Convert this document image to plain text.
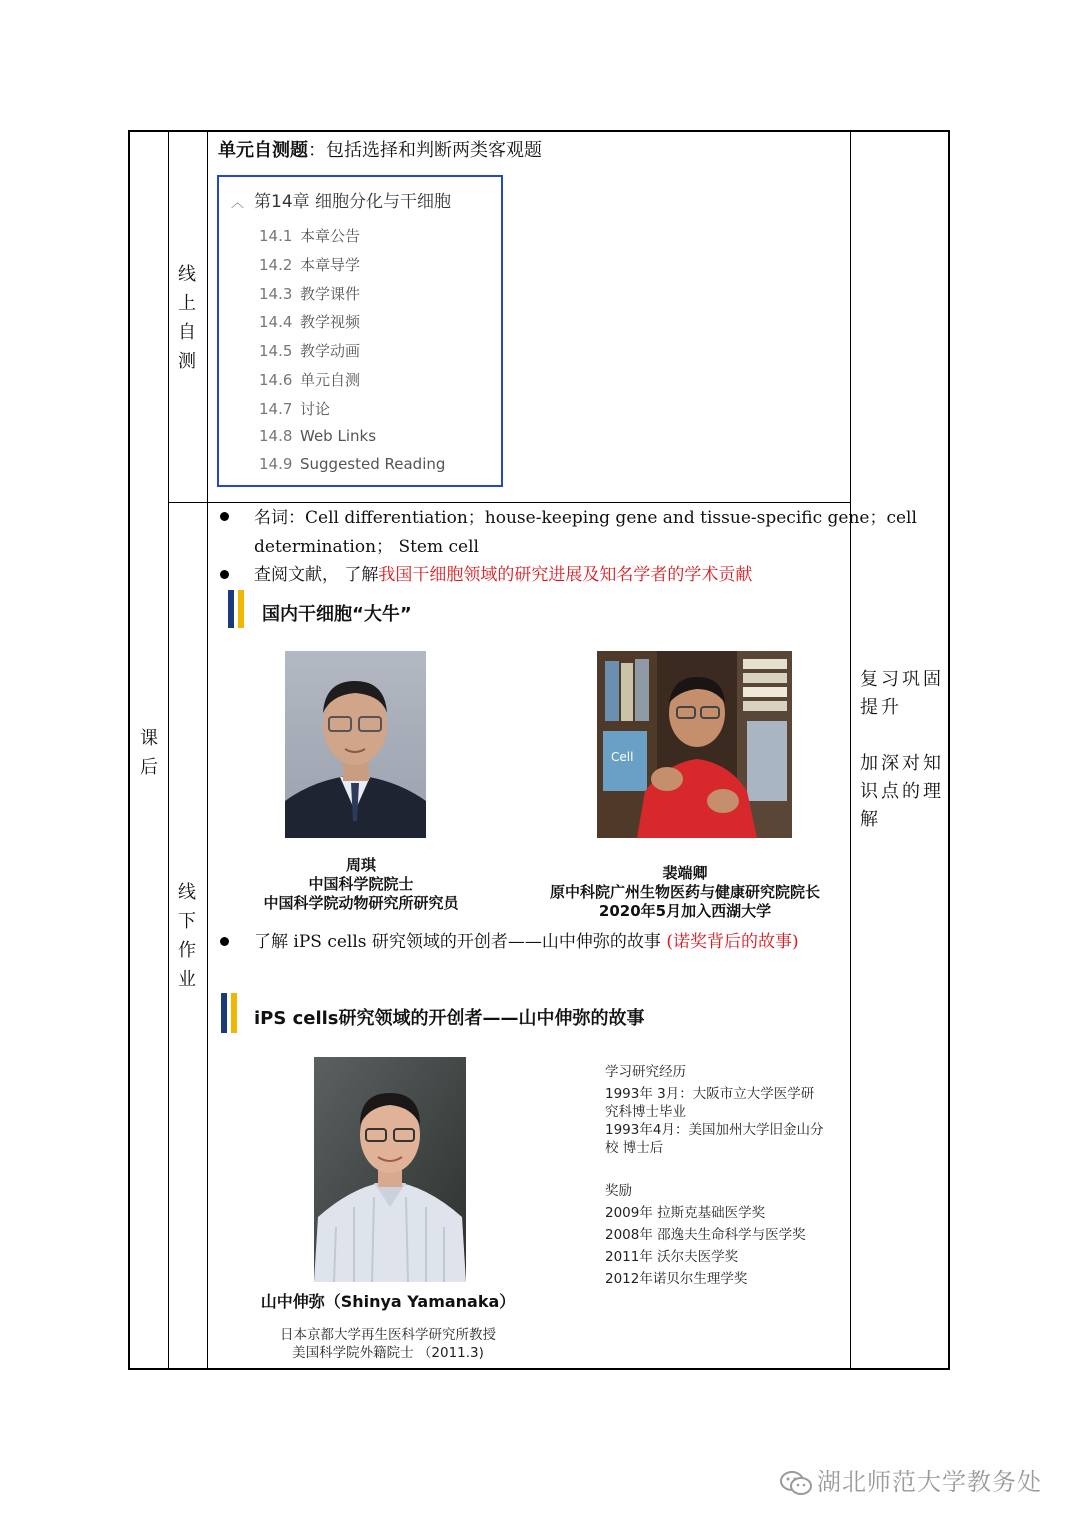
课后
线上自测
线下作业
复习巩固提升
加深对知识点的理解
单元自测题：包括选择和判断两类客观题
︿ 第14章 细胞分化与干细胞
14.1 本章公告
14.2 本章导学
14.3 教学课件
14.4 教学视频
14.5 教学动画
14.6 单元自测
14.7 讨论
14.8 Web Links
14.9 Suggested Reading
名词：Cell differentiation；house-keeping gene and tissue-specific gene；cell
determination； Stem cell
查阅文献， 了解我国干细胞领域的研究进展及知名学者的学术贡献
国内干细胞“大牛”
Cell
周琪
中国科学院院士
中国科学院动物研究所研究员
裴端卿
原中科院广州生物医药与健康研究院院长
2020年5月加入西湖大学
了解 iPS cells 研究领域的开创者——山中伸弥的故事 (诺奖背后的故事)
iPS cells研究领域的开创者——山中伸弥的故事
山中伸弥（Shinya Yamanaka）
日本京都大学再生医科学研究所教授
美国科学院外籍院士 （2011.3)
学习研究经历
1993年 3月：大阪市立大学医学研
究科博士毕业
1993年4月：美国加州大学旧金山分
校 博士后
奖励
2009年 拉斯克基础医学奖
2008年 邵逸夫生命科学与医学奖
2011年 沃尔夫医学奖
2012年诺贝尔生理学奖
湖北师范大学教务处
